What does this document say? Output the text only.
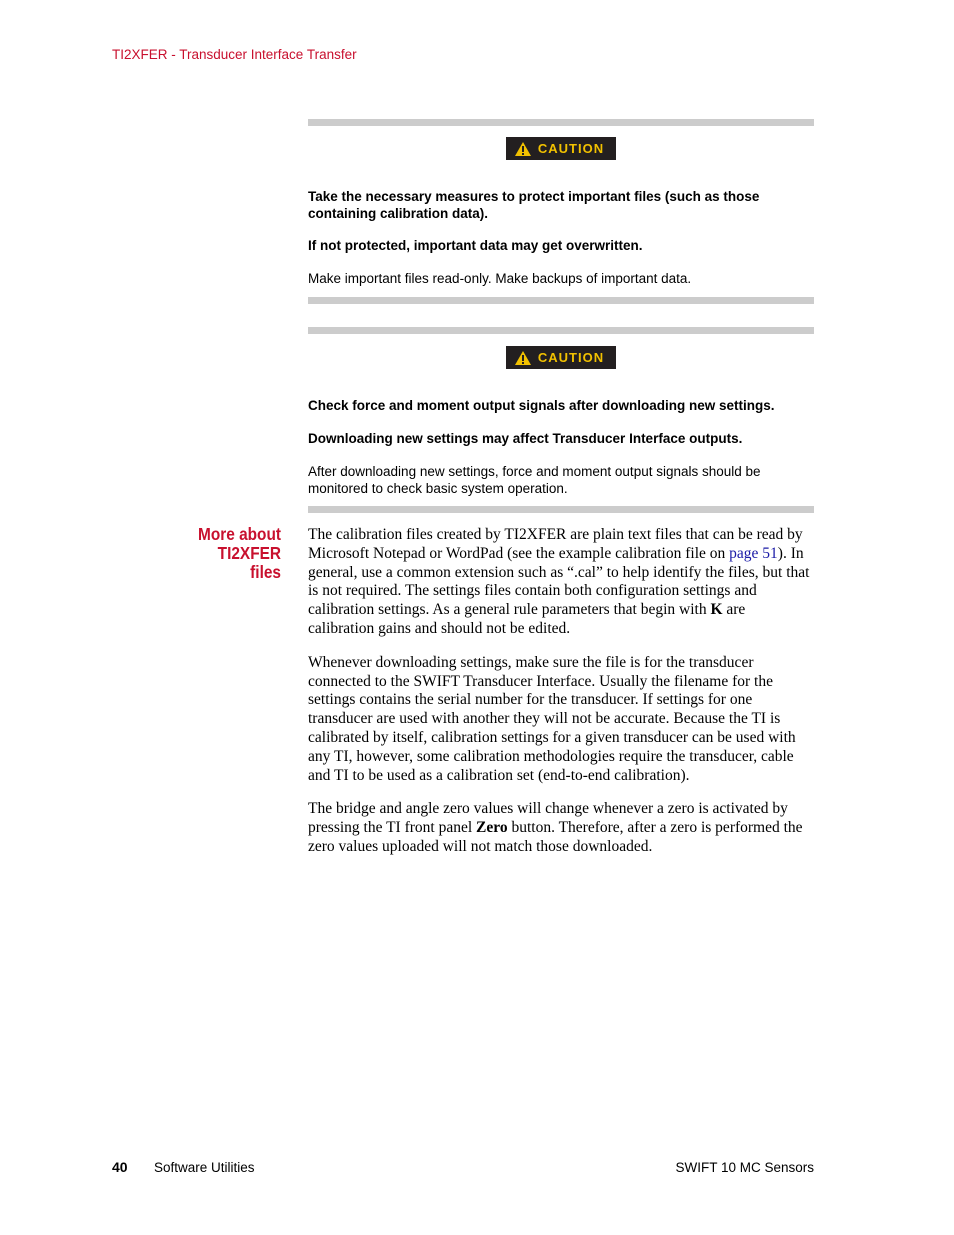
TI2XFER - Transducer Interface Transfer
CAUTION

Take the necessary measures to protect important files (such as those containing calibration data).

If not protected, important data may get overwritten.

Make important files read-only. Make backups of important data.

CAUTION

Check force and moment output signals after downloading new settings.

Downloading new settings may affect Transducer Interface outputs.

After downloading new settings, force and moment output signals should be monitored to check basic system operation.

More about TI2XFER
files

The calibration files created by TI2XFER are plain text files that can be read by Microsoft Notepad or WordPad (see the example calibration file on page 51). In general, use a common extension such as “.cal” to help identify the files, but that is not required. The settings files contain both configuration settings and calibration settings. As a general rule parameters that begin with K are calibration gains and should not be edited.

Whenever downloading settings, make sure the file is for the transducer connected to the SWIFT Transducer Interface. Usually the filename for the settings contains the serial number for the transducer. If settings for one transducer are used with another they will not be accurate. Because the TI is calibrated by itself, calibration settings for a given transducer can be used with any TI, however, some calibration methodologies require the transducer, cable and TI to be used as a calibration set (end-to-end calibration).

The bridge and angle zero values will change whenever a zero is activated by pressing the TI front panel Zero button. Therefore, after a zero is performed the zero values uploaded will not match those downloaded.

40 Software Utilities	SWIFT 10 MC Sensors
